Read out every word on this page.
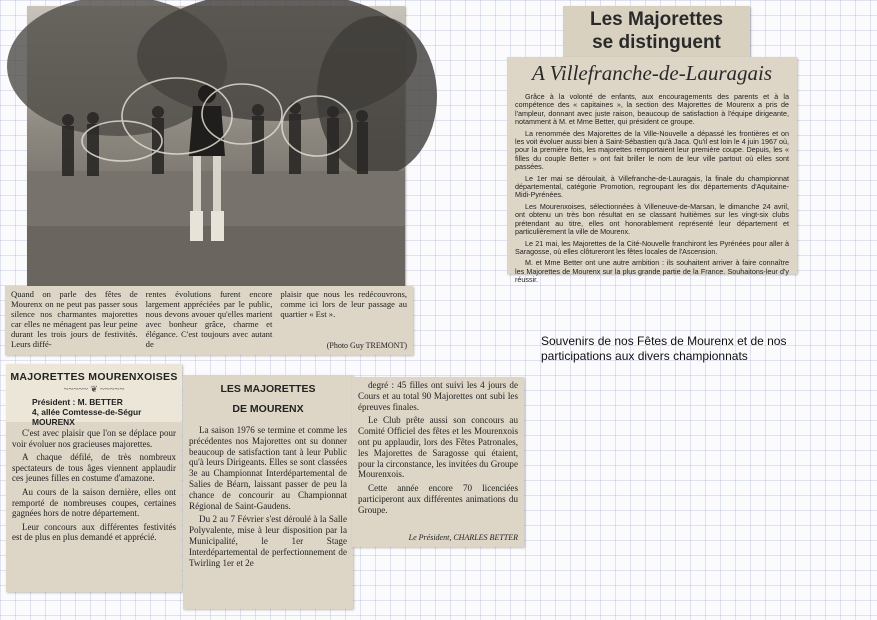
Quand on parle des fêtes de Mourenx on ne peut pas passer sous silence nos charmantes majorettes car elles ne ménagent pas leur peine durant les trois jours de festivités. Leurs diffé-
rentes évolutions furent encore largement appréciées par le public, nous devons avouer qu'elles marient avec bonheur grâce, charme et élégance. C'est toujours avec autant de
plaisir que nous les redécouvrons, comme ici lors de leur passage au quartier « Est ».
(Photo Guy TREMONT)
Les Majorettes
se distinguent
A Villefranche-de-Lauragais

Grâce à la volonté de enfants, aux encouragements des parents et à la compétence des « capitaines », la section des Majorettes de Mourenx a pris de l'ampleur, donnant avec juste raison, beaucoup de satisfaction à l'équipe dirigeante, notamment à M. et Mme Better, qui président ce groupe.

La renommée des Majorettes de la Ville-Nouvelle a dépassé les frontières et on les voit évoluer aussi bien à Saint-Sébastien qu'à Jaca. Qu'il est loin le 4 juin 1967 où, pour la première fois, les majorettes remportaient leur première coupe. Depuis, les « filles du couple Better » ont fait briller le nom de leur ville partout où elles sont passées.

Le 1er mai se déroulait, à Villefranche-de-Lauragais, la finale du championnat départemental, catégorie Promotion, regroupant les dix départements d'Aquitaine-Midi-Pyrénées.

Les Mourenxoises, sélectionnées à Villeneuve-de-Marsan, le dimanche 24 avril, ont obtenu un très bon résultat en se classant huitièmes sur les vingt-six clubs prétendant au titre, elles ont honorablement représenté leur département et particulièrement la ville de Mourenx.

Le 21 mai, les Majorettes de la Cité-Nouvelle franchiront les Pyrénées pour aller à Saragosse, où elles clôtureront les fêtes locales de l'Ascension.

M. et Mme Better ont une autre ambition : ils souhaitent arriver à faire connaître les Majorettes de Mourenx sur la plus grande partie de la France. Souhaitons-leur d'y réussir.

Souvenirs de nos Fêtes de Mourenx et de nos
participations aux divers championnats
MAJORETTES MOURENXOISES
~~~~~ ❦ ~~~~~
Président : M. BETTER
4, allée Comtesse-de-Ségur
MOURENX

C'est avec plaisir que l'on se déplace pour voir évoluer nos gracieuses majorettes.

A chaque défilé, de très nombreux spectateurs de tous âges viennent applaudir ces jeunes filles en costume d'amazone.

Au cours de la saison dernière, elles ont remporté de nombreuses coupes, certaines gagnées hors de notre département.

Leur concours aux différentes festivités est de plus en plus demandé et apprécié.

LES MAJORETTES
DE MOURENX

La saison 1976 se termine et comme les précédentes nos Majorettes ont su donner beaucoup de satisfaction tant à leur Public qu'à leurs Dirigeants. Elles se sont classées 3e au Championnat Interdépartemental de Salies de Béarn, laissant passer de peu la chance de concourir au Championnat Régional de Saint-Gaudens.

Du 2 au 7 Février s'est déroulé à la Salle Polyvalente, mise à leur disposition par la Municipalité, le 1er Stage Interdépartemental de perfectionnement de Twirling 1er et 2e

degré : 45 filles ont suivi les 4 jours de Cours et au total 90 Majorettes ont subi les épreuves finales.

Le Club prête aussi son concours au Comité Officiel des fêtes et les Mourenxois ont pu applaudir, lors des Fêtes Patronales, les Majorettes de Saragosse qui étaient, pour la circonstance, les invitées du Groupe Mourenxois.

Cette année encore 70 licenciées participeront aux différentes animations du Groupe.

Le Président, CHARLES BETTER
